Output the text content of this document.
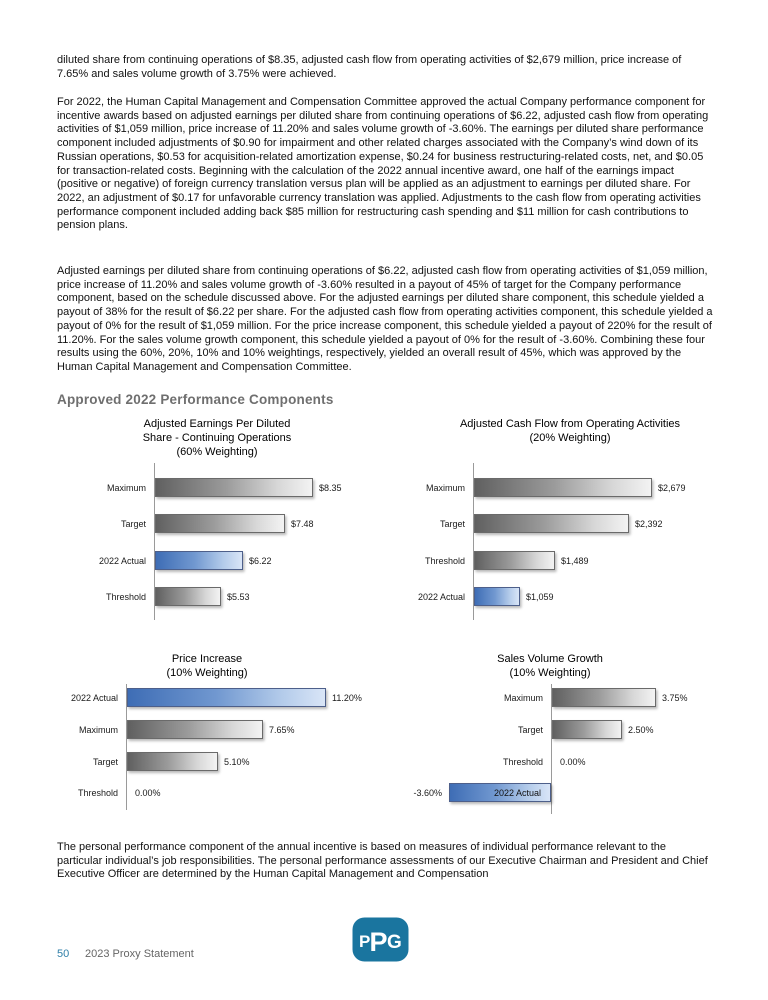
diluted share from continuing operations of $8.35, adjusted cash flow from operating activities of $2,679 million, price increase of 7.65% and sales volume growth of 3.75% were achieved.

For 2022, the Human Capital Management and Compensation Committee approved the actual Company performance component for incentive awards based on adjusted earnings per diluted share from continuing operations of $6.22, adjusted cash flow from operating activities of $1,059 million, price increase of 11.20% and sales volume growth of -3.60%. The earnings per diluted share performance component included adjustments of $0.90 for impairment and other related charges associated with the Company’s wind down of its Russian operations, $0.53 for acquisition-related amortization expense, $0.24 for business restructuring-related costs, net, and $0.05 for transaction-related costs. Beginning with the calculation of the 2022 annual incentive award, one half of the earnings impact (positive or negative) of foreign currency translation versus plan will be applied as an adjustment to earnings per diluted share. For 2022, an adjustment of $0.17 for unfavorable currency translation was applied. Adjustments to the cash flow from operating activities performance component included adding back $85 million for restructuring cash spending and $11 million for cash contributions to pension plans.

Adjusted earnings per diluted share from continuing operations of $6.22, adjusted cash flow from operating activities of $1,059 million, price increase of 11.20% and sales volume growth of -3.60% resulted in a payout of 45% of target for the Company performance component, based on the schedule discussed above. For the adjusted earnings per diluted share component, this schedule yielded a payout of 38% for the result of $6.22 per share. For the adjusted cash flow from operating activities component, this schedule yielded a payout of 0% for the result of $1,059 million. For the price increase component, this schedule yielded a payout of 220% for the result of 11.20%. For the sales volume growth component, this schedule yielded a payout of 0% for the result of -3.60%. Combining these four results using the 60%, 20%, 10% and 10% weightings, respectively, yielded an overall result of 45%, which was approved by the Human Capital Management and Compensation Committee.

Approved 2022 Performance Components
Adjusted Earnings Per Diluted
Share - Continuing Operations
(60% Weighting)
Maximum	$8.35
Target	$7.48
2022 Actual	$6.22
Threshold	$5.53
Adjusted Cash Flow from Operating Activities
(20% Weighting)
Maximum	$2,679
Target	$2,392
Threshold	$1,489
2022 Actual	$1,059
Price Increase
(10% Weighting)
2022 Actual	11.20%
Maximum	7.65%
Target	5.10%
Threshold 0.00%
Sales Volume Growth
(10% Weighting)
Maximum	3.75%
Target	2.50%
Threshold 0.00%
-3.60%	2022 Actual

The personal performance component of the annual incentive is based on measures of individual performance relevant to the particular individual’s job responsibilities. The personal performance assessments of our Executive Chairman and President and Chief Executive Officer are determined by the Human Capital Management and Compensation

50 2023 Proxy Statement
P P G
